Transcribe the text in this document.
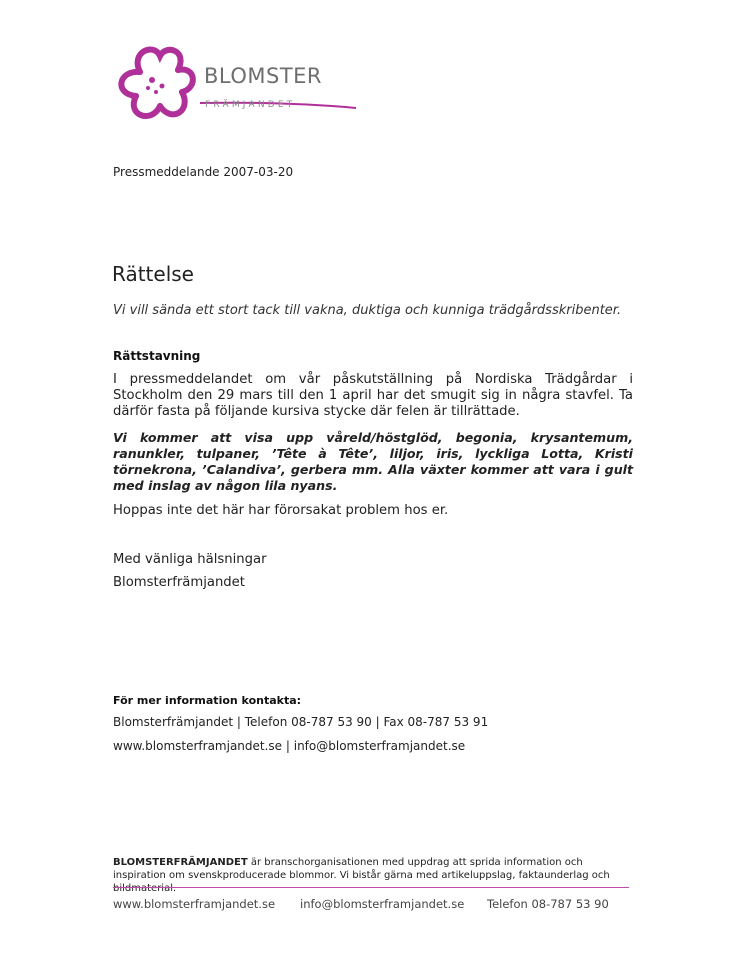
BLOMSTER
FRÄMJANDET
Pressmeddelande 2007-03-20
Rättelse
Vi vill sända ett stort tack till vakna, duktiga och kunniga trädgårdsskribenter.
Rättstavning

I pressmeddelandet om vår påskutställning på Nordiska Trädgårdar i Stockholm den 29 mars till den 1 april har det smugit sig in några stavfel. Ta därför fasta på följande kursiva stycke där felen är tillrättade.

Vi kommer att visa upp våreld/höstglöd, begonia, krysantemum, ranunkler, tulpaner, ’Tête à Tête’, liljor, iris, lyckliga Lotta, Kristi törnekrona, ’Calandiva’, gerbera mm. Alla växter kommer att vara i gult med inslag av någon lila nyans.

Hoppas inte det här har förorsakat problem hos er.

Med vänliga hälsningar
Blomsterfrämjandet
För mer information kontakta:
Blomsterfrämjandet | Telefon 08-787 53 90 | Fax 08-787 53 91
www.blomsterframjandet.se | info@blomsterframjandet.se
BLOMSTERFRÄMJANDET är branschorganisationen med uppdrag att sprida information och inspiration om svenskproducerade blommor. Vi bistår gärna med artikeluppslag, faktaunderlag och bildmaterial.
www.blomsterframjandet.se info@blomsterframjandet.se Telefon 08-787 53 90
